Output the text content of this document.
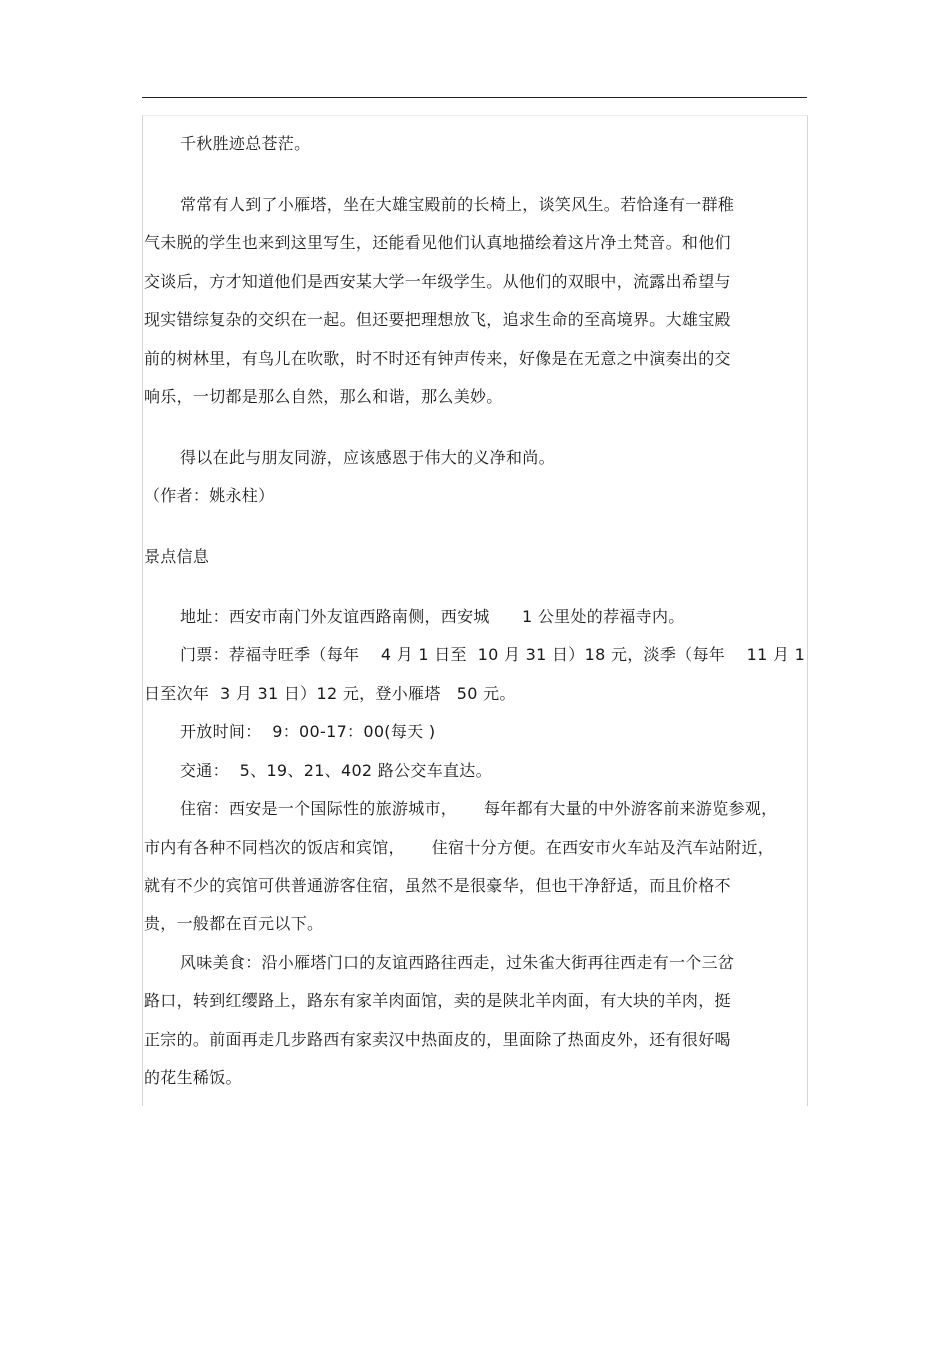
千秋胜迹总苍茫。
常常有人到了小雁塔，坐在大雄宝殿前的长椅上，谈笑风生。若恰逢有一群稚
气未脱的学生也来到这里写生，还能看见他们认真地描绘着这片净土梵音。和他们
交谈后，方才知道他们是西安某大学一年级学生。从他们的双眼中，流露出希望与
现实错综复杂的交织在一起。但还要把理想放飞，追求生命的至高境界。大雄宝殿
前的树林里，有鸟儿在吹歌，时不时还有钟声传来，好像是在无意之中演奏出的交
响乐，一切都是那么自然，那么和谐，那么美妙。
得以在此与朋友同游，应该感恩于伟大的义净和尚。
（作者：姚永柱）
景点信息
地址：西安市南门外友谊西路南侧，西安城      1 公里处的荐福寺内。
门票：荐福寺旺季（每年    4 月 1 日至  10 月 31 日）18 元，淡季（每年    11 月 1
日至次年  3 月 31 日）12 元，登小雁塔   50 元。
开放时间：  9：00-17：00(每天 )
交通：  5、19、21、402 路公交车直达。
住宿：西安是一个国际性的旅游城市，     每年都有大量的中外游客前来游览参观，
市内有各种不同档次的饭店和宾馆，     住宿十分方便。在西安市火车站及汽车站附近，
就有不少的宾馆可供普通游客住宿，虽然不是很豪华，但也干净舒适，而且价格不
贵，一般都在百元以下。
风味美食：沿小雁塔门口的友谊西路往西走，过朱雀大街再往西走有一个三岔
路口，转到红缨路上，路东有家羊肉面馆，卖的是陕北羊肉面，有大块的羊肉，挺
正宗的。前面再走几步路西有家卖汉中热面皮的，里面除了热面皮外，还有很好喝
的花生稀饭。
